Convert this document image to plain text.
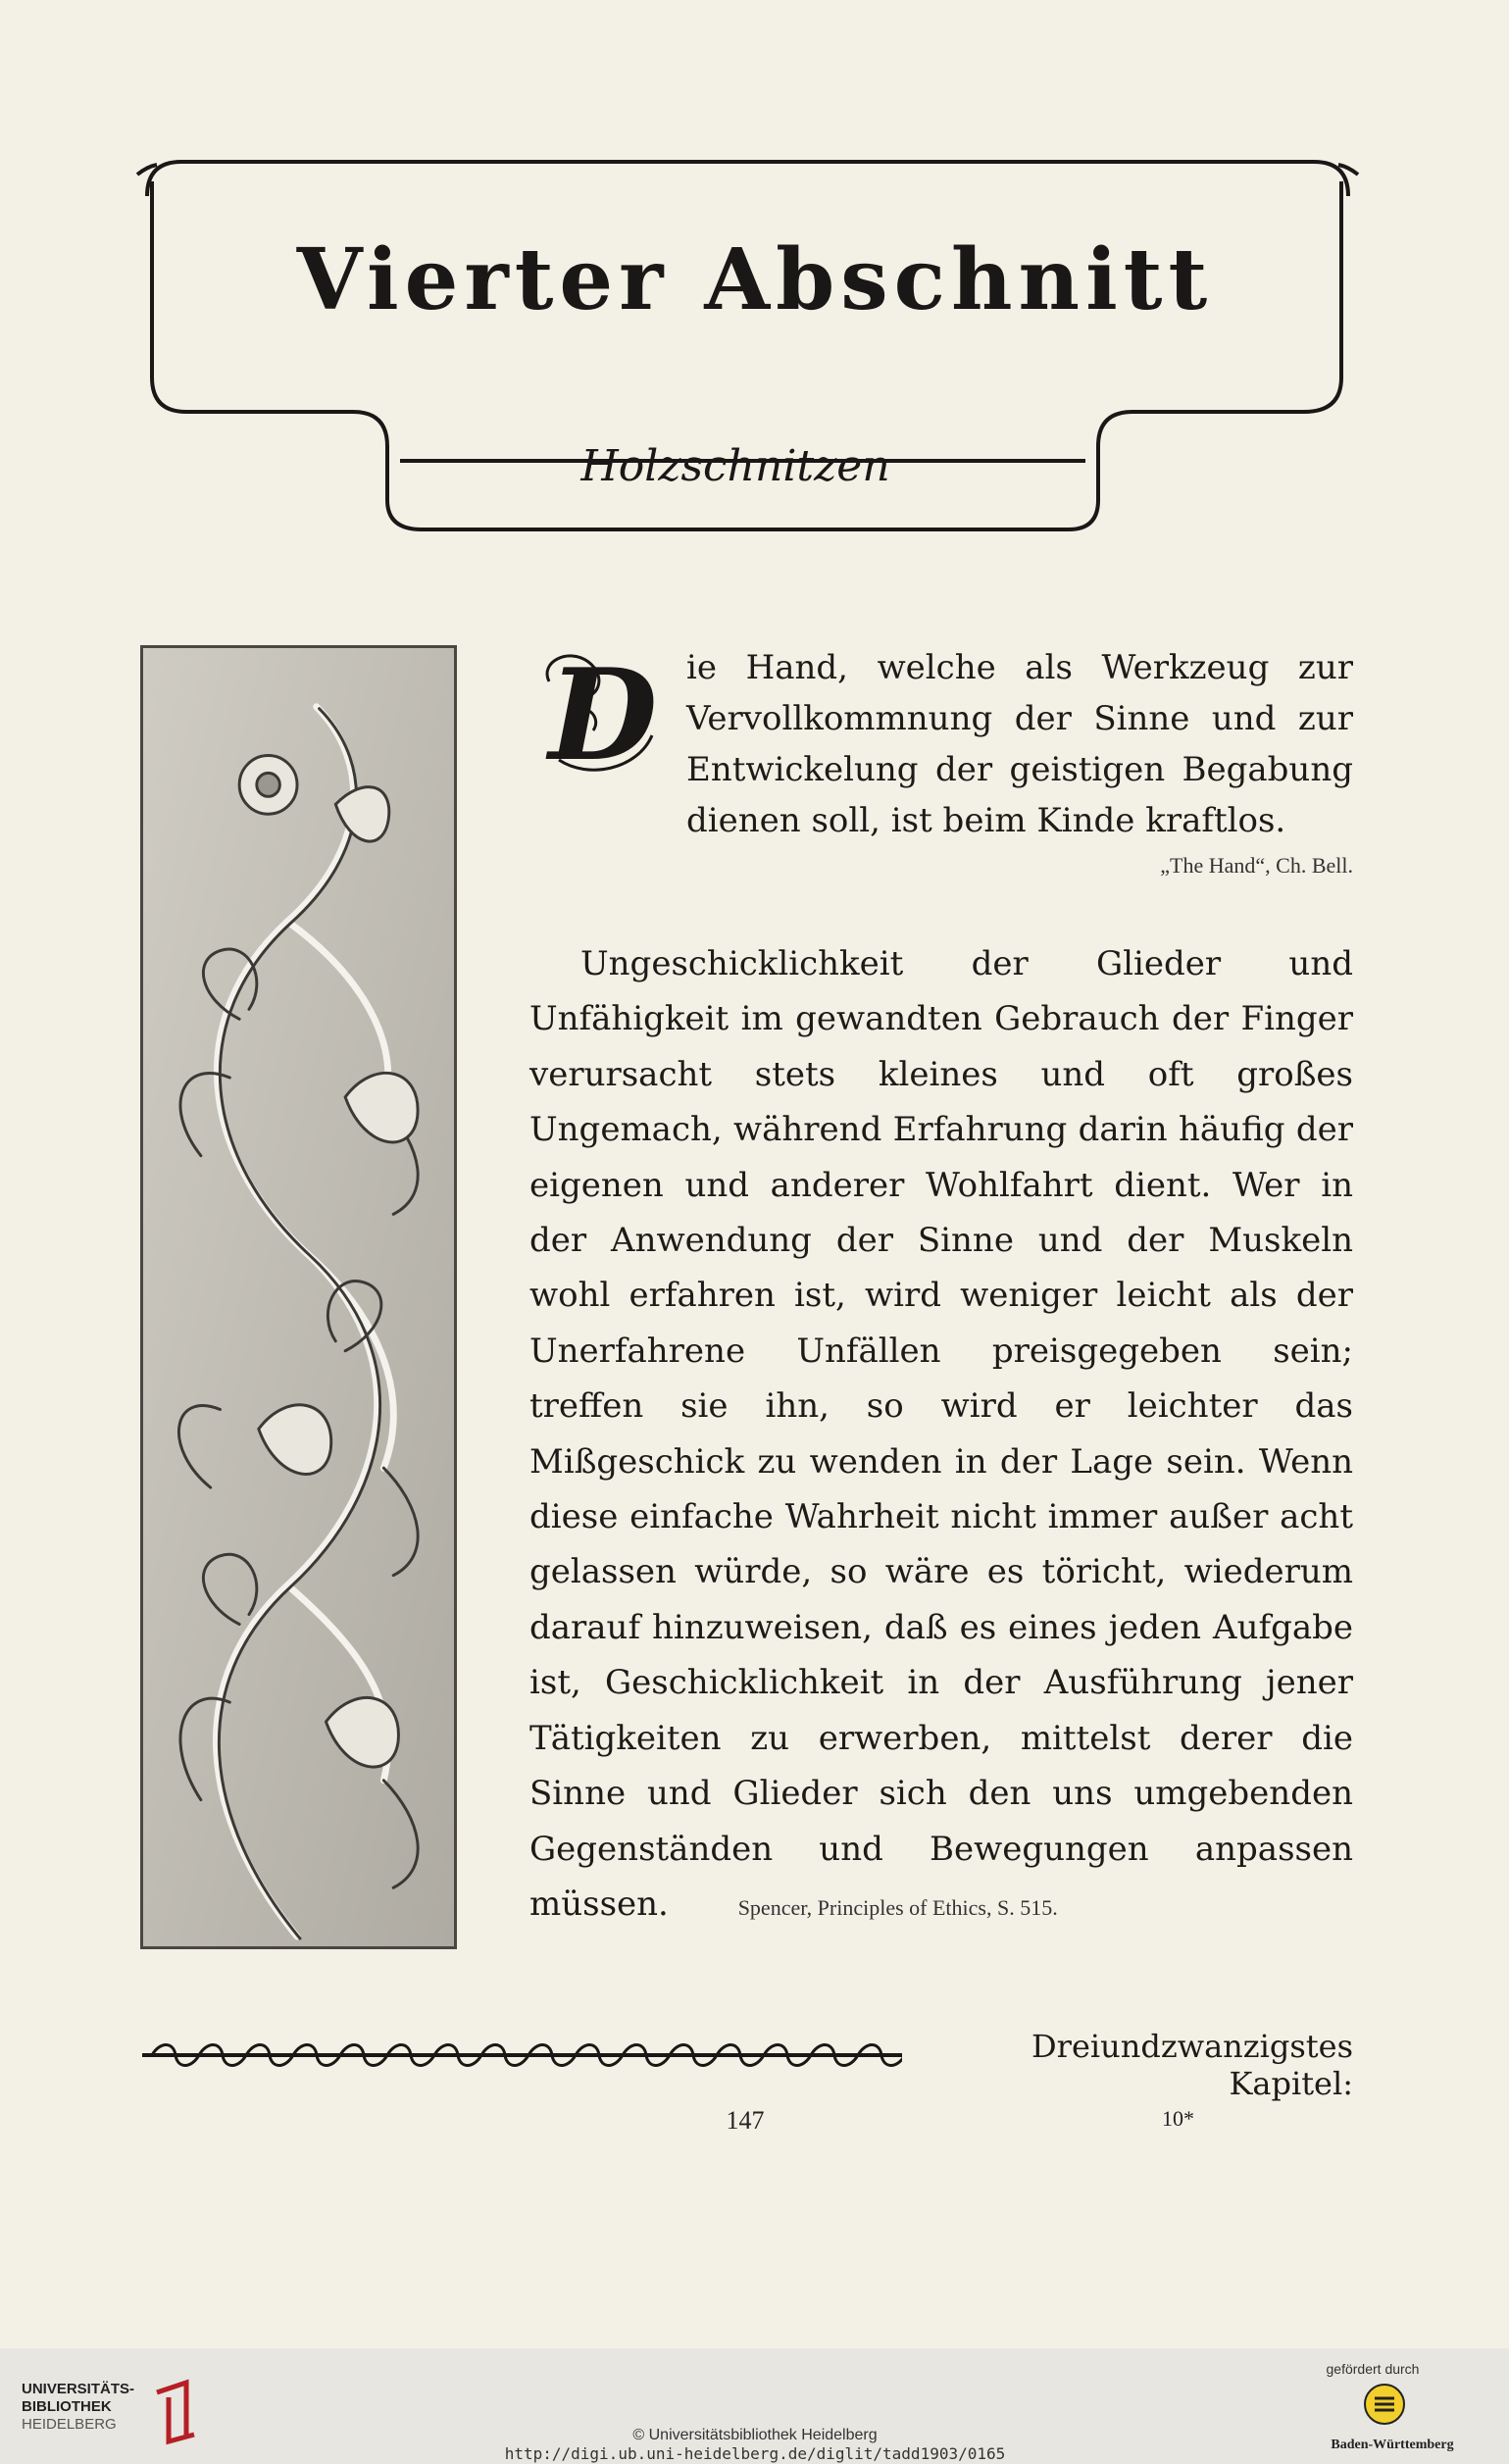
Vierter Abschnitt
Holzschnitzen
D ie Hand, welche als Werkzeug zur Vervollkommnung der Sinne und zur Entwickelung der geistigen Begabung dienen soll, ist beim Kinde kraftlos.
„The Hand“, Ch. Bell.
Ungeschicklichkeit der Glieder und Unfähigkeit im gewandten Gebrauch der Finger verursacht stets kleines und oft großes Ungemach, während Erfahrung darin häufig der eigenen und anderer Wohlfahrt dient. Wer in der Anwendung der Sinne und der Muskeln wohl erfahren ist, wird weniger leicht als der Unerfahrene Unfällen preisgegeben sein; treffen sie ihn, so wird er leichter das Mißgeschick zu wenden in der Lage sein. Wenn diese einfache Wahrheit nicht immer außer acht gelassen würde, so wäre es töricht, wiederum darauf hinzuweisen, daß es eines jeden Aufgabe ist, Geschicklichkeit in der Ausführung jener Tätigkeiten zu erwerben, mittelst derer die Sinne und Glieder sich den uns umgebenden Gegenständen und Bewegungen anpassen müssen.	Spencer, Principles of Ethics, S. 515.
Dreiundzwanzigstes Kapitel:
147	10*
UNIVERSITÄTS-
BIBLIOTHEK
HEIDELBERG
© Universitätsbibliothek Heidelberg
http://digi.ub.uni-heidelberg.de/diglit/tadd1903/0165
gefördert durch
Baden-Württemberg
